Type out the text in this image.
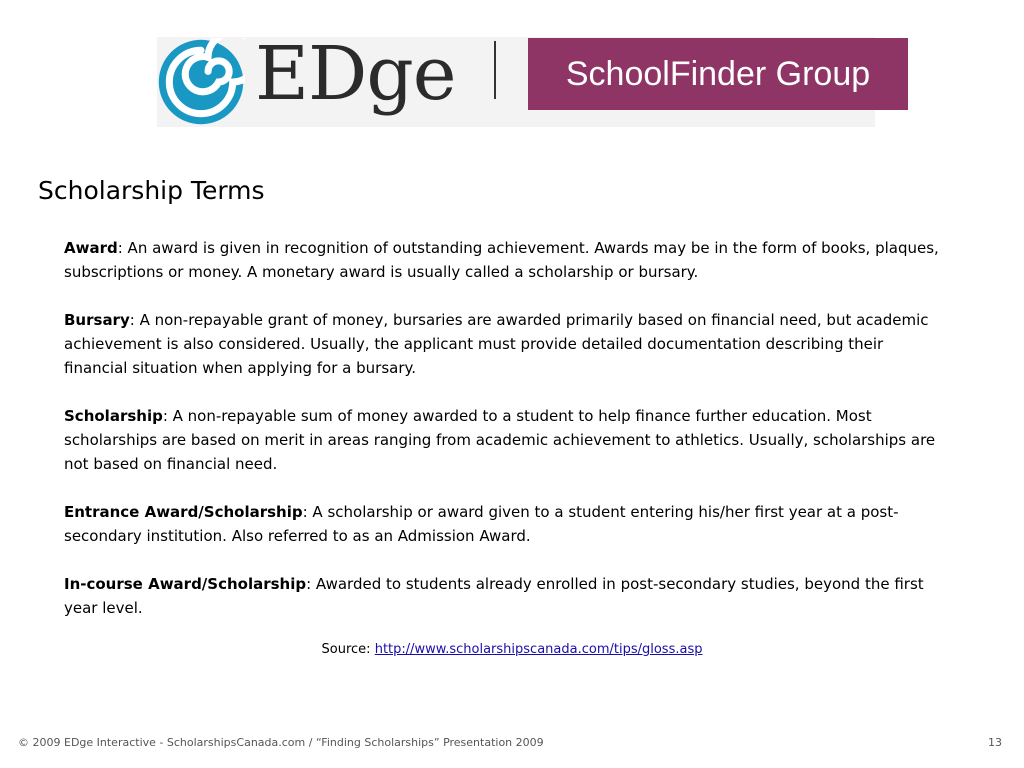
EDge	SchoolFinder Group
Scholarship Terms

Award: An award is given in recognition of outstanding achievement. Awards may be in the form of books, plaques, subscriptions or money. A monetary award is usually called a scholarship or bursary.

Bursary: A non-repayable grant of money, bursaries are awarded primarily based on financial need, but academic achievement is also considered. Usually, the applicant must provide detailed documentation describing their financial situation when applying for a bursary.

Scholarship: A non-repayable sum of money awarded to a student to help finance further education. Most scholarships are based on merit in areas ranging from academic achievement to athletics. Usually, scholarships are not based on financial need.

Entrance Award/Scholarship: A scholarship or award given to a student entering his/her first year at a post-secondary institution. Also referred to as an Admission Award.

In-course Award/Scholarship: Awarded to students already enrolled in post-secondary studies, beyond the first year level.

Source: http://www.scholarshipscanada.com/tips/gloss.asp
© 2009 EDge Interactive - ScholarshipsCanada.com / “Finding Scholarships” Presentation 2009	13
